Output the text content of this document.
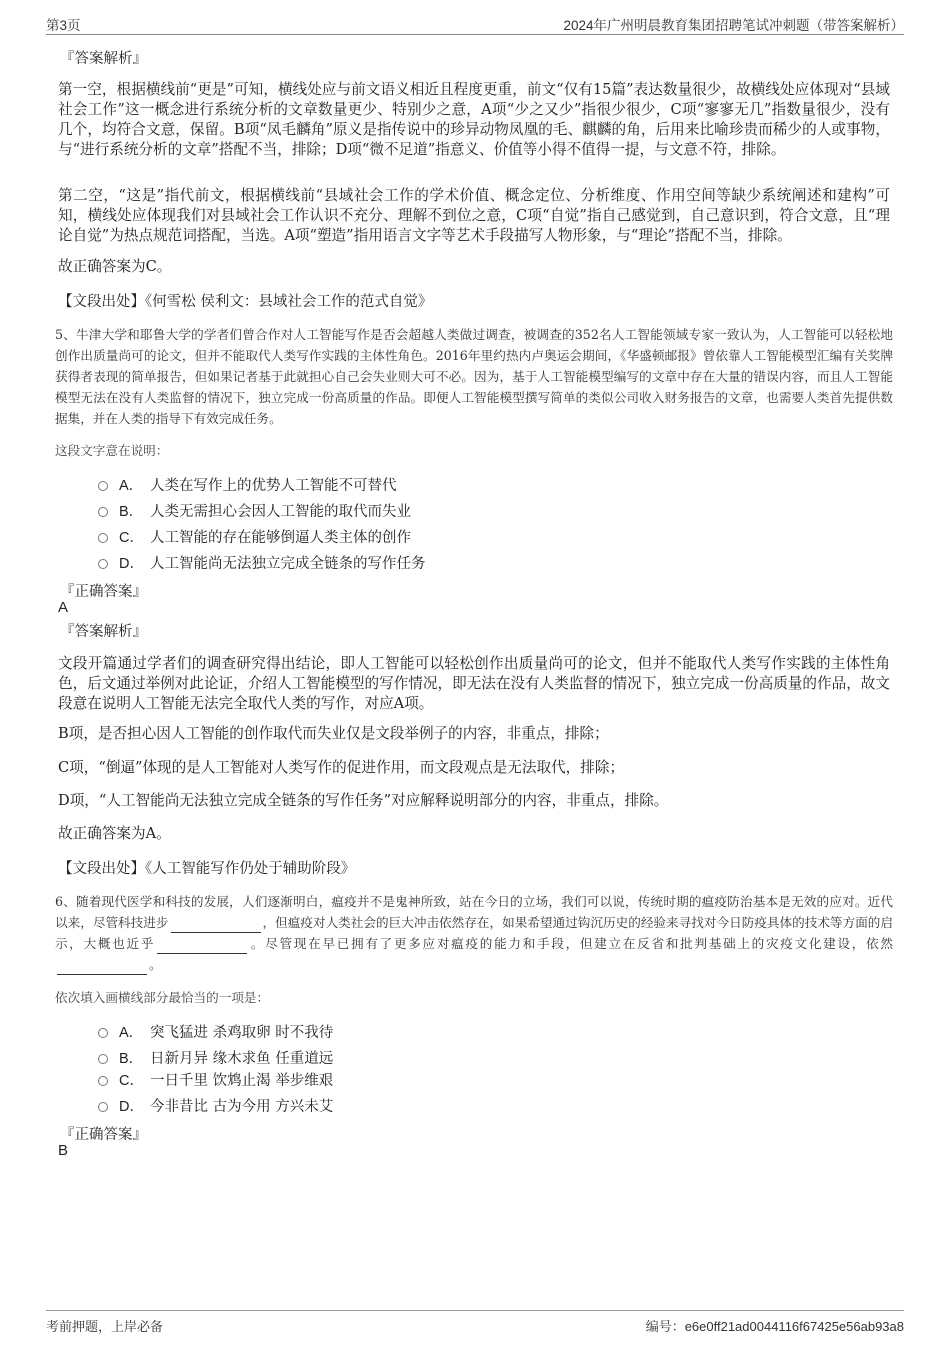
第3页	2024年广州明晨教育集团招聘笔试冲刺题（带答案解析）
『答案解析』

第一空，根据横线前“更是”可知，横线处应与前文语义相近且程度更重，前文“仅有15篇”表达数量很少，故横线处应体现对“县域社会工作”这一概念进行系统分析的文章数量更少、特别少之意，A项“少之又少”指很少很少，C项“寥寥无几”指数量很少，没有几个，均符合文意，保留。B项“凤毛麟角”原义是指传说中的珍异动物凤凰的毛、麒麟的角，后用来比喻珍贵而稀少的人或事物，与“进行系统分析的文章”搭配不当，排除；D项“微不足道”指意义、价值等小得不值得一提，与文意不符，排除。

第二空，“这是”指代前文，根据横线前“县域社会工作的学术价值、概念定位、分析维度、作用空间等缺少系统阐述和建构”可知，横线处应体现我们对县域社会工作认识不充分、理解不到位之意，C项“自觉”指自己感觉到，自己意识到，符合文意，且“理论自觉”为热点规范词搭配，当选。A项“塑造”指用语言文字等艺术手段描写人物形象，与“理论”搭配不当，排除。

故正确答案为C。

【文段出处】《何雪松 侯利文：县域社会工作的范式自觉》

5、牛津大学和耶鲁大学的学者们曾合作对人工智能写作是否会超越人类做过调查，被调查的352名人工智能领域专家一致认为，人工智能可以轻松地创作出质量尚可的论文，但并不能取代人类写作实践的主体性角色。2016年里约热内卢奥运会期间，《华盛顿邮报》曾依靠人工智能模型汇编有关奖牌获得者表现的简单报告，但如果记者基于此就担心自己会失业则大可不必。因为，基于人工智能模型编写的文章中存在大量的错误内容，而且人工智能模型无法在没有人类监督的情况下，独立完成一份高质量的作品。即便人工智能模型撰写简单的类似公司收入财务报告的文章，也需要人类首先提供数据集，并在人类的指导下有效完成任务。

这段文字意在说明：

A． 人类在写作上的优势人工智能不可替代
B． 人类无需担心会因人工智能的取代而失业
C． 人工智能的存在能够倒逼人类主体的创作
D． 人工智能尚无法独立完成全链条的写作任务
『正确答案』
A
『答案解析』

文段开篇通过学者们的调查研究得出结论，即人工智能可以轻松创作出质量尚可的论文，但并不能取代人类写作实践的主体性角色，后文通过举例对此论证，介绍人工智能模型的写作情况，即无法在没有人类监督的情况下，独立完成一份高质量的作品，故文段意在说明人工智能无法完全取代人类的写作，对应A项。

B项，是否担心因人工智能的创作取代而失业仅是文段举例子的内容，非重点，排除；

C项，“倒逼”体现的是人工智能对人类写作的促进作用，而文段观点是无法取代，排除；

D项，“人工智能尚无法独立完成全链条的写作任务”对应解释说明部分的内容，非重点，排除。

故正确答案为A。

【文段出处】《人工智能写作仍处于辅助阶段》

6、随着现代医学和科技的发展，人们逐渐明白，瘟疫并不是鬼神所致，站在今日的立场，我们可以说，传统时期的瘟疫防治基本是无效的应对。近代以来，尽管科技进步	，但瘟疫对人类社会的巨大冲击依然存在，如果希望通过钩沉历史的经验来寻找对今日防疫具体的技术等方面的启示，大概也近乎	。尽管现在早已拥有了更多应对瘟疫的能力和手段，但建立在反省和批判基础上的灾疫文化建设，依然。

依次填入画横线部分最恰当的一项是：

A． 突飞猛进 杀鸡取卵 时不我待
B． 日新月异 缘木求鱼 任重道远
C． 一日千里 饮鸩止渴 举步维艰
D． 今非昔比 古为今用 方兴未艾
『正确答案』
B
考前押题，上岸必备	编号：e6e0ff21ad0044116f67425e56ab93a8
